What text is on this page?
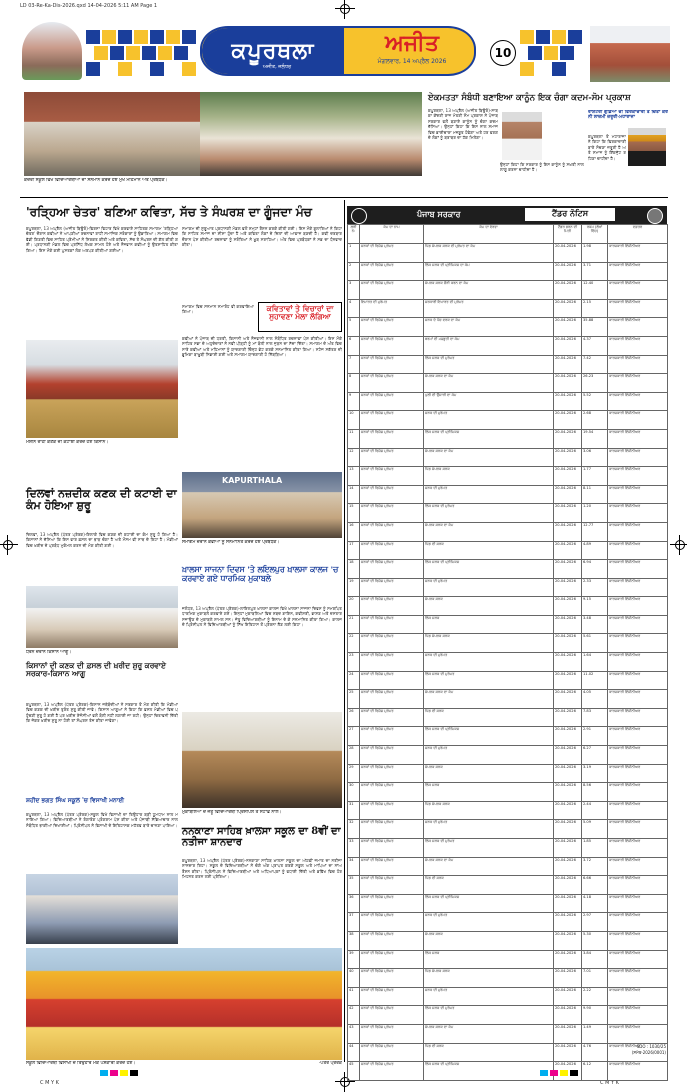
LD 03-Re-Ka-Dis-2026.qxd 14-04-2026 5:11 AM Page 1
C M Y K	C M Y K
ਕਪੂਰਥਲਾ
ਅਜੀਤ, ਜਲੰਧਰ
ਅਜੀਤ
ਮੰਗਲਵਾਰ, 14 ਅਪ੍ਰੈਲ 2026
10
ਕੇਂਦਰੀ ਸਕੂਲ ਵਿਖੇ ਵਿਦਿਆਰਥੀਆਂ ਦਾ ਸਨਮਾਨ ਕਰਦੇ ਹੋਏ ਮੁੱਖ ਮਹਿਮਾਨ ਅਤੇ ਪ੍ਰਬੰਧਕ।
ਏਕਮਤਤਾ ਸੰਬੰਧੀ ਬਣਾਇਆ ਕਾਨੂੰਨ ਇਕ ਚੰਗਾ ਕਦਮ-ਸੋਮ ਪ੍ਰਕਾਸ਼
ਕਪੂਰਥਲਾ, 13 ਅਪ੍ਰੈਲ (ਅਜੀਤ ਬਿਊਰੋ)-ਸਾਬਕਾ ਕੇਂਦਰੀ ਰਾਜ ਮੰਤਰੀ ਸੋਮ ਪ੍ਰਕਾਸ਼ ਨੇ ਪੰਜਾਬ ਸਰਕਾਰ ਵਲੋਂ ਬਣਾਏ ਕਾਨੂੰਨ ਨੂੰ ਚੰਗਾ ਕਦਮ ਦੱਸਿਆ। ਉਨ੍ਹਾਂ ਕਿਹਾ ਕਿ ਇਸ ਨਾਲ ਸਮਾਜ ਵਿਚ ਭਾਈਚਾਰਾ ਮਜ਼ਬੂਤ ਹੋਵੇਗਾ ਅਤੇ ਹਰ ਵਰਗ ਦੇ ਲੋਕਾਂ ਨੂੰ ਬਰਾਬਰ ਦਾ ਹੱਕ ਮਿਲੇਗਾ।
ਉਨ੍ਹਾਂ ਕਿਹਾ ਕਿ ਸਰਕਾਰ ਨੂੰ ਇਸ ਕਾਨੂੰਨ ਨੂੰ ਸਖ਼ਤੀ ਨਾਲ ਲਾਗੂ ਕਰਨਾ ਚਾਹੀਦਾ ਹੈ।
ਰਾਸ਼ਟਰੀ ਗੁੰਡਿਆਂ ਦੀ ਫਿਰਕਾਦਾਰੀ ਤੇ ਚਿੰਤਾ ਕਰਨੀ ਲਾਜ਼ਮੀ ਜ਼ਰੂਰੀ-ਮਹਾਰਾਜਾ
ਕਪੂਰਥਲਾ ਤੋਂ ਮਹਾਰਾਜਾ ਨੇ ਕਿਹਾ ਕਿ ਫਿਰਕਾਦਾਰੀ ਬਾਰੇ ਸੋਚਣਾ ਜ਼ਰੂਰੀ ਹੈ ਅਤੇ ਸਮਾਜ ਨੂੰ ਇੱਕਜੁੱਟ ਰਹਿਣਾ ਚਾਹੀਦਾ ਹੈ।
'ਰੜ੍ਹਿਆ ਚੇਤਰ' ਬਣਿਆ ਕਵਿਤਾ, ਸੱਚ ਤੇ ਸੰਘਰਸ਼ ਦਾ ਗੂੰਜਦਾ ਮੰਚ
ਕਪੂਰਥਲਾ, 13 ਅਪ੍ਰੈਲ (ਅਜੀਤ ਬਿਊਰੋ)-ਵਿਰਸਾ ਵਿਹਾਰ ਵਿਖੇ ਕਰਵਾਏ ਸਾਹਿਤਕ ਸਮਾਗਮ 'ਰੜ੍ਹਿਆ ਚੇਤਰ' ਦੌਰਾਨ ਕਵੀਆਂ ਨੇ ਆਪਣੀਆਂ ਰਚਨਾਵਾਂ ਰਾਹੀਂ ਸਮਾਜਿਕ ਸਰੋਕਾਰਾਂ ਨੂੰ ਉਭਾਰਿਆ। ਸਮਾਗਮ ਵਿਚ ਵੱਡੀ ਗਿਣਤੀ ਵਿਚ ਸਾਹਿਤ ਪ੍ਰੇਮੀਆਂ ਨੇ ਸ਼ਿਰਕਤ ਕੀਤੀ ਅਤੇ ਕਵਿਤਾ, ਸੱਚ ਤੇ ਸੰਘਰਸ਼ ਦੀ ਗੱਲ ਕੀਤੀ ਗਈ। ਪ੍ਰਧਾਨਗੀ ਮੰਡਲ ਵਿਚ ਪ੍ਰਸਿੱਧ ਲੇਖਕ ਸ਼ਾਮਲ ਹੋਏ ਅਤੇ ਨੌਜਵਾਨ ਕਵੀਆਂ ਨੂੰ ਉਤਸ਼ਾਹਿਤ ਕੀਤਾ ਗਿਆ। ਇਸ ਮੌਕੇ ਕਈ ਪੁਸਤਕਾਂ ਲੋਕ ਅਰਪਣ ਕੀਤੀਆਂ ਗਈਆਂ।
ਮਸ਼ੀਨ ਰਾਹੀਂ ਕਣਕ ਦੀ ਕਟਾਈ ਕਰਦੇ ਹੋਏ ਕਿਸਾਨ।
ਸਮਾਗਮ ਦੀ ਸ਼ੁਰੂਆਤ ਪ੍ਰਧਾਨਗੀ ਮੰਡਲ ਵਲੋਂ ਸ਼ਮ੍ਹਾਂ ਰੌਸ਼ਨ ਕਰਕੇ ਕੀਤੀ ਗਈ। ਇਸ ਮੌਕੇ ਬੁਲਾਰਿਆਂ ਨੇ ਕਿਹਾ ਕਿ ਸਾਹਿਤ ਸਮਾਜ ਦਾ ਸ਼ੀਸ਼ਾ ਹੁੰਦਾ ਹੈ ਅਤੇ ਕਵਿਤਾ ਲੋਕਾਂ ਦੇ ਦਿਲਾਂ ਦੀ ਆਵਾਜ਼ ਬਣਦੀ ਹੈ। ਕਵੀ ਦਰਬਾਰ ਦੌਰਾਨ ਪੇਸ਼ ਕੀਤੀਆਂ ਰਚਨਾਵਾਂ ਨੂੰ ਸਰੋਤਿਆਂ ਨੇ ਖ਼ੂਬ ਸਰਾਹਿਆ। ਅੰਤ ਵਿਚ ਪ੍ਰਬੰਧਕਾਂ ਨੇ ਸਭ ਦਾ ਧੰਨਵਾਦ ਕੀਤਾ।
ਕਵਿਤਾਵਾਂ ਤੇ ਵਿਚਾਰਾਂ ਦਾ ਸੁਹਾਵਣਾ ਮੇਲਾ ਲੱਗਿਆ
ਸਮਾਗਮ ਵਿਚ ਸਨਮਾਨ ਸਮਾਰੋਹ ਵੀ ਕਰਵਾਇਆ ਗਿਆ।
ਕਵੀਆਂ ਨੇ ਪੰਜਾਬ ਦੀ ਧਰਤੀ, ਕਿਸਾਨੀ ਅਤੇ ਨੌਜਵਾਨੀ ਨਾਲ ਸੰਬੰਧਿਤ ਰਚਨਾਵਾਂ ਪੇਸ਼ ਕੀਤੀਆਂ। ਇਸ ਮੌਕੇ ਸਾਹਿਤ ਸਭਾ ਦੇ ਅਹੁਦੇਦਾਰਾਂ ਨੇ ਨਵੀਂ ਪੀੜ੍ਹੀ ਨੂੰ ਮਾਂ ਬੋਲੀ ਨਾਲ ਜੁੜਨ ਦਾ ਸੱਦਾ ਦਿੱਤਾ। ਸਮਾਗਮ ਦੇ ਅੰਤ ਵਿਚ ਸਾਰੇ ਕਵੀਆਂ ਅਤੇ ਮਹਿਮਾਨਾਂ ਨੂੰ ਯਾਦਗਾਰੀ ਚਿੰਨ੍ਹ ਭੇਟ ਕਰਕੇ ਸਨਮਾਨਿਤ ਕੀਤਾ ਗਿਆ। ਸਟੇਜ ਸਕੱਤਰ ਦੀ ਭੂਮਿਕਾ ਬਾਖ਼ੂਬੀ ਨਿਭਾਈ ਗਈ ਅਤੇ ਸਮਾਗਮ ਯਾਦਗਾਰੀ ਹੋ ਨਿੱਬੜਿਆ।
KAPURTHALA
ਸਮਾਗਮ ਦੌਰਾਨ ਕਵੀਆਂ ਨੂੰ ਸਨਮਾਨਿਤ ਕਰਦੇ ਹੋਏ ਪ੍ਰਬੰਧਕ।
ਦਿਲਵਾਂ ਨਜ਼ਦੀਕ ਕਣਕ ਦੀ ਕਟਾਈ ਦਾ ਕੰਮ ਹੋਇਆ ਸ਼ੁਰੂ
ਦਿਲਵਾਂ, 13 ਅਪ੍ਰੈਲ (ਪੱਤਰ ਪ੍ਰੇਰਕ)-ਇਲਾਕੇ ਵਿਚ ਕਣਕ ਦੀ ਕਟਾਈ ਦਾ ਕੰਮ ਸ਼ੁਰੂ ਹੋ ਗਿਆ ਹੈ। ਕਿਸਾਨਾਂ ਨੇ ਦੱਸਿਆ ਕਿ ਇਸ ਵਾਰ ਫ਼ਸਲ ਦਾ ਝਾੜ ਚੰਗਾ ਹੈ ਅਤੇ ਮੌਸਮ ਵੀ ਸਾਥ ਦੇ ਰਿਹਾ ਹੈ। ਮੰਡੀਆਂ ਵਿਚ ਖ਼ਰੀਦ ਦੇ ਪ੍ਰਬੰਧ ਮੁਕੰਮਲ ਕਰਨ ਦੀ ਮੰਗ ਕੀਤੀ ਗਈ।
ਧਰਨੇ ਦੌਰਾਨ ਕਿਸਾਨ ਆਗੂ।
ਕਿਸਾਨਾਂ ਦੀ ਕਣਕ ਦੀ ਫ਼ਸਲ ਦੀ ਖ਼ਰੀਦ ਸ਼ੁਰੂ ਕਰਵਾਏ ਸਰਕਾਰ-ਕਿਸਾਨ ਆਗੂ
ਕਪੂਰਥਲਾ, 13 ਅਪ੍ਰੈਲ (ਪੱਤਰ ਪ੍ਰੇਰਕ)-ਕਿਸਾਨ ਜਥੇਬੰਦੀਆਂ ਨੇ ਸਰਕਾਰ ਤੋਂ ਮੰਗ ਕੀਤੀ ਕਿ ਮੰਡੀਆਂ ਵਿਚ ਕਣਕ ਦੀ ਖ਼ਰੀਦ ਤੁਰੰਤ ਸ਼ੁਰੂ ਕੀਤੀ ਜਾਵੇ। ਕਿਸਾਨ ਆਗੂਆਂ ਨੇ ਕਿਹਾ ਕਿ ਫ਼ਸਲ ਮੰਡੀਆਂ ਵਿਚ ਪਹੁੰਚਣੀ ਸ਼ੁਰੂ ਹੋ ਗਈ ਹੈ ਪਰ ਖ਼ਰੀਦ ਏਜੰਸੀਆਂ ਵਲੋਂ ਬੋਲੀ ਨਹੀਂ ਲਗਾਈ ਜਾ ਰਹੀ। ਉਨ੍ਹਾਂ ਚਿਤਾਵਨੀ ਦਿੱਤੀ ਕਿ ਜੇਕਰ ਖ਼ਰੀਦ ਸ਼ੁਰੂ ਨਾ ਹੋਈ ਤਾਂ ਸੰਘਰਸ਼ ਤੇਜ਼ ਕੀਤਾ ਜਾਵੇਗਾ।
ਸ਼ਹੀਦ ਭਗਤ ਸਿੰਘ ਸਕੂਲ 'ਚ ਵਿਸਾਖੀ ਮਨਾਈ
ਕਪੂਰਥਲਾ, 13 ਅਪ੍ਰੈਲ (ਪੱਤਰ ਪ੍ਰੇਰਕ)-ਸਕੂਲ ਵਿਖੇ ਵਿਸਾਖੀ ਦਾ ਤਿਉਹਾਰ ਬੜੀ ਧੂਮਧਾਮ ਨਾਲ ਮਨਾਇਆ ਗਿਆ। ਵਿਦਿਆਰਥੀਆਂ ਨੇ ਰੰਗਾਰੰਗ ਪ੍ਰੋਗਰਾਮ ਪੇਸ਼ ਕੀਤਾ ਅਤੇ ਪੰਜਾਬੀ ਸੱਭਿਆਚਾਰ ਨਾਲ ਸੰਬੰਧਿਤ ਝਾਕੀਆਂ ਦਿਖਾਈਆਂ। ਪ੍ਰਿੰਸੀਪਲ ਨੇ ਵਿਸਾਖੀ ਦੇ ਇਤਿਹਾਸਕ ਮਹੱਤਵ ਬਾਰੇ ਚਾਨਣਾ ਪਾਇਆ।
ਖ਼ਾਲਸਾ ਸਾਜਨਾ ਦਿਵਸ 'ਤੇ ਲਇਲਪੁਰ ਖ਼ਾਲਸਾ ਕਾਲਜ 'ਚ ਕਰਵਾਏ ਗਏ ਧਾਰਮਿਕ ਮੁਕਾਬਲੇ
ਜਲੰਧਰ, 13 ਅਪ੍ਰੈਲ (ਪੱਤਰ ਪ੍ਰੇਰਕ)-ਲਾਇਲਪੁਰ ਖ਼ਾਲਸਾ ਕਾਲਜ ਵਿਖੇ ਖ਼ਾਲਸਾ ਸਾਜਨਾ ਦਿਵਸ ਨੂੰ ਸਮਰਪਿਤ ਧਾਰਮਿਕ ਮੁਕਾਬਲੇ ਕਰਵਾਏ ਗਏ। ਇਨ੍ਹਾਂ ਮੁਕਾਬਲਿਆਂ ਵਿਚ ਸ਼ਬਦ ਗਾਇਨ, ਕਵੀਸ਼ਰੀ, ਭਾਸ਼ਣ ਅਤੇ ਦਸਤਾਰ ਸਜਾਉਣ ਦੇ ਮੁਕਾਬਲੇ ਸ਼ਾਮਲ ਸਨ। ਜੇਤੂ ਵਿਦਿਆਰਥੀਆਂ ਨੂੰ ਇਨਾਮ ਦੇ ਕੇ ਸਨਮਾਨਿਤ ਕੀਤਾ ਗਿਆ। ਕਾਲਜ ਦੇ ਪ੍ਰਿੰਸੀਪਲ ਨੇ ਵਿਦਿਆਰਥੀਆਂ ਨੂੰ ਸਿੱਖ ਇਤਿਹਾਸ ਤੋਂ ਪ੍ਰੇਰਨਾ ਲੈਣ ਲਈ ਕਿਹਾ।
ਮੁਕਾਬਲਿਆਂ ਦੇ ਜੇਤੂ ਵਿਦਿਆਰਥੀ ਪ੍ਰਿੰਸੀਪਲ ਤੇ ਸਟਾਫ਼ ਨਾਲ।
ਨਨਕਾਣਾ ਸਾਹਿਬ ਖ਼ਾਲਸਾ ਸਕੂਲ ਦਾ 8ਵੀਂ ਦਾ ਨਤੀਜਾ ਸ਼ਾਨਦਾਰ
ਕਪੂਰਥਲਾ, 13 ਅਪ੍ਰੈਲ (ਪੱਤਰ ਪ੍ਰੇਰਕ)-ਨਨਕਾਣਾ ਸਾਹਿਬ ਖ਼ਾਲਸਾ ਸਕੂਲ ਦਾ ਅੱਠਵੀਂ ਜਮਾਤ ਦਾ ਨਤੀਜਾ ਸ਼ਾਨਦਾਰ ਰਿਹਾ। ਸਕੂਲ ਦੇ ਵਿਦਿਆਰਥੀਆਂ ਨੇ ਚੰਗੇ ਅੰਕ ਪ੍ਰਾਪਤ ਕਰਕੇ ਸਕੂਲ ਅਤੇ ਮਾਪਿਆਂ ਦਾ ਨਾਂਅ ਰੌਸ਼ਨ ਕੀਤਾ। ਪ੍ਰਿੰਸੀਪਲ ਨੇ ਵਿਦਿਆਰਥੀਆਂ ਅਤੇ ਅਧਿਆਪਕਾਂ ਨੂੰ ਵਧਾਈ ਦਿੱਤੀ ਅਤੇ ਭਵਿੱਖ ਵਿਚ ਹੋਰ ਮਿਹਨਤ ਕਰਨ ਲਈ ਪ੍ਰੇਰਿਆ।
ਸਕੂਲ ਵਿਦਿਆਰਥੀ ਵਿਸਾਖੀ ਦੇ ਤਿਉਹਾਰ ਮੌਕੇ ਪੇਸ਼ਕਾਰੀ ਕਰਦੇ ਹੋਏ।	-ਪੱਤਰ ਪ੍ਰੇਰਕ
ਪੰਜਾਬ ਸਰਕਾਰ	ਟੈਂਡਰ ਨੋਟਿਸ
ਲੜੀ ਨੰ:	ਕੰਮ ਦਾ ਨਾਮ	ਕੰਮ ਦਾ ਵੇਰਵਾ	ਟੈਂਡਰ ਭਰਨ ਦੀ ਮਿਤੀ	ਰਕਮ (ਲੱਖਾਂ ਵਿੱਚ)	ਦਫ਼ਤਰ
1	ਸੜਕਾਂ ਦੀ ਵਿਸ਼ੇਸ਼ ਮੁਰੰਮਤ	ਪਿੰਡ ਸੰਪਰਕ ਸੜਕ ਦੀ ਮੁਰੰਮਤ ਦਾ ਕੰਮ	20-04-2026	1.98	ਕਾਰਜਕਾਰੀ ਇੰਜੀਨੀਅਰ
2	ਸੜਕਾਂ ਦੀ ਵਿਸ਼ੇਸ਼ ਮੁਰੰਮਤ	ਲਿੰਕ ਸੜਕ ਦੀ ਪ੍ਰੀਮਿਕਸ ਦਾ ਕੰਮ	20-04-2026	3.71	ਕਾਰਜਕਾਰੀ ਇੰਜੀਨੀਅਰ
3	ਸੜਕਾਂ ਦੀ ਵਿਸ਼ੇਸ਼ ਮੁਰੰਮਤ	ਸੰਪਰਕ ਸੜਕ ਚੌੜੀ ਕਰਨ ਦਾ ਕੰਮ	20-04-2026	12.40	ਕਾਰਜਕਾਰੀ ਇੰਜੀਨੀਅਰ
4	ਇਮਾਰਤ ਦੀ ਮੁਰੰਮਤ	ਸਰਕਾਰੀ ਇਮਾਰਤ ਦੀ ਮੁਰੰਮਤ	20-04-2026	2.15	ਕਾਰਜਕਾਰੀ ਇੰਜੀਨੀਅਰ
5	ਸੜਕਾਂ ਦੀ ਵਿਸ਼ੇਸ਼ ਮੁਰੰਮਤ	ਸੜਕ ਦੇ ਪੈਚ ਵਰਕ ਦਾ ਕੰਮ	20-04-2026	35.88	ਕਾਰਜਕਾਰੀ ਇੰਜੀਨੀਅਰ
6	ਸੜਕਾਂ ਦੀ ਵਿਸ਼ੇਸ਼ ਮੁਰੰਮਤ	ਬਰਮਾਂ ਦੀ ਮਜ਼ਬੂਤੀ ਦਾ ਕੰਮ	20-04-2026	4.37	ਕਾਰਜਕਾਰੀ ਇੰਜੀਨੀਅਰ
7	ਸੜਕਾਂ ਦੀ ਵਿਸ਼ੇਸ਼ ਮੁਰੰਮਤ	ਲਿੰਕ ਸੜਕ ਦੀ ਮੁਰੰਮਤ	20-04-2026	7.42	ਕਾਰਜਕਾਰੀ ਇੰਜੀਨੀਅਰ
8	ਸੜਕਾਂ ਦੀ ਵਿਸ਼ੇਸ਼ ਮੁਰੰਮਤ	ਸੰਪਰਕ ਸੜਕ ਦਾ ਕੰਮ	20-04-2026	26.23	ਕਾਰਜਕਾਰੀ ਇੰਜੀਨੀਅਰ
9	ਸੜਕਾਂ ਦੀ ਵਿਸ਼ੇਸ਼ ਮੁਰੰਮਤ	ਪੁਲੀ ਦੀ ਉਸਾਰੀ ਦਾ ਕੰਮ	20-04-2026	5.52	ਕਾਰਜਕਾਰੀ ਇੰਜੀਨੀਅਰ
10	ਸੜਕਾਂ ਦੀ ਵਿਸ਼ੇਸ਼ ਮੁਰੰਮਤ	ਸੜਕ ਦੀ ਮੁਰੰਮਤ	20-04-2026	2.68	ਕਾਰਜਕਾਰੀ ਇੰਜੀਨੀਅਰ
11	ਸੜਕਾਂ ਦੀ ਵਿਸ਼ੇਸ਼ ਮੁਰੰਮਤ	ਲਿੰਕ ਸੜਕ ਦੀ ਪ੍ਰੀਮਿਕਸ	20-04-2026	19.54	ਕਾਰਜਕਾਰੀ ਇੰਜੀਨੀਅਰ
12	ਸੜਕਾਂ ਦੀ ਵਿਸ਼ੇਸ਼ ਮੁਰੰਮਤ	ਸੰਪਰਕ ਸੜਕ ਦਾ ਕੰਮ	20-04-2026	3.06	ਕਾਰਜਕਾਰੀ ਇੰਜੀਨੀਅਰ
13	ਸੜਕਾਂ ਦੀ ਵਿਸ਼ੇਸ਼ ਮੁਰੰਮਤ	ਪਿੰਡ ਸੰਪਰਕ ਸੜਕ	20-04-2026	1.77	ਕਾਰਜਕਾਰੀ ਇੰਜੀਨੀਅਰ
14	ਸੜਕਾਂ ਦੀ ਵਿਸ਼ੇਸ਼ ਮੁਰੰਮਤ	ਸੜਕ ਦੀ ਮੁਰੰਮਤ	20-04-2026	8.11	ਕਾਰਜਕਾਰੀ ਇੰਜੀਨੀਅਰ
15	ਸੜਕਾਂ ਦੀ ਵਿਸ਼ੇਸ਼ ਮੁਰੰਮਤ	ਲਿੰਕ ਸੜਕ ਦੀ ਮੁਰੰਮਤ	20-04-2026	1.20	ਕਾਰਜਕਾਰੀ ਇੰਜੀਨੀਅਰ
16	ਸੜਕਾਂ ਦੀ ਵਿਸ਼ੇਸ਼ ਮੁਰੰਮਤ	ਸੰਪਰਕ ਸੜਕ ਦਾ ਕੰਮ	20-04-2026	12.77	ਕਾਰਜਕਾਰੀ ਇੰਜੀਨੀਅਰ
17	ਸੜਕਾਂ ਦੀ ਵਿਸ਼ੇਸ਼ ਮੁਰੰਮਤ	ਪਿੰਡ ਦੀ ਸੜਕ	20-04-2026	4.89	ਕਾਰਜਕਾਰੀ ਇੰਜੀਨੀਅਰ
18	ਸੜਕਾਂ ਦੀ ਵਿਸ਼ੇਸ਼ ਮੁਰੰਮਤ	ਲਿੰਕ ਸੜਕ ਦੀ ਪ੍ਰੀਮਿਕਸ	20-04-2026	6.94	ਕਾਰਜਕਾਰੀ ਇੰਜੀਨੀਅਰ
19	ਸੜਕਾਂ ਦੀ ਵਿਸ਼ੇਸ਼ ਮੁਰੰਮਤ	ਸੜਕ ਦੀ ਮੁਰੰਮਤ	20-04-2026	2.33	ਕਾਰਜਕਾਰੀ ਇੰਜੀਨੀਅਰ
20	ਸੜਕਾਂ ਦੀ ਵਿਸ਼ੇਸ਼ ਮੁਰੰਮਤ	ਸੰਪਰਕ ਸੜਕ	20-04-2026	9.15	ਕਾਰਜਕਾਰੀ ਇੰਜੀਨੀਅਰ
21	ਸੜਕਾਂ ਦੀ ਵਿਸ਼ੇਸ਼ ਮੁਰੰਮਤ	ਲਿੰਕ ਸੜਕ	20-04-2026	3.48	ਕਾਰਜਕਾਰੀ ਇੰਜੀਨੀਅਰ
22	ਸੜਕਾਂ ਦੀ ਵਿਸ਼ੇਸ਼ ਮੁਰੰਮਤ	ਪਿੰਡ ਸੰਪਰਕ ਸੜਕ	20-04-2026	5.61	ਕਾਰਜਕਾਰੀ ਇੰਜੀਨੀਅਰ
23	ਸੜਕਾਂ ਦੀ ਵਿਸ਼ੇਸ਼ ਮੁਰੰਮਤ	ਸੜਕ ਦੀ ਮੁਰੰਮਤ	20-04-2026	1.64	ਕਾਰਜਕਾਰੀ ਇੰਜੀਨੀਅਰ
24	ਸੜਕਾਂ ਦੀ ਵਿਸ਼ੇਸ਼ ਮੁਰੰਮਤ	ਲਿੰਕ ਸੜਕ ਦੀ ਮੁਰੰਮਤ	20-04-2026	11.02	ਕਾਰਜਕਾਰੀ ਇੰਜੀਨੀਅਰ
25	ਸੜਕਾਂ ਦੀ ਵਿਸ਼ੇਸ਼ ਮੁਰੰਮਤ	ਸੰਪਰਕ ਸੜਕ ਦਾ ਕੰਮ	20-04-2026	4.05	ਕਾਰਜਕਾਰੀ ਇੰਜੀਨੀਅਰ
26	ਸੜਕਾਂ ਦੀ ਵਿਸ਼ੇਸ਼ ਮੁਰੰਮਤ	ਪਿੰਡ ਦੀ ਸੜਕ	20-04-2026	7.83	ਕਾਰਜਕਾਰੀ ਇੰਜੀਨੀਅਰ
27	ਸੜਕਾਂ ਦੀ ਵਿਸ਼ੇਸ਼ ਮੁਰੰਮਤ	ਲਿੰਕ ਸੜਕ ਦੀ ਪ੍ਰੀਮਿਕਸ	20-04-2026	2.91	ਕਾਰਜਕਾਰੀ ਇੰਜੀਨੀਅਰ
28	ਸੜਕਾਂ ਦੀ ਵਿਸ਼ੇਸ਼ ਮੁਰੰਮਤ	ਸੜਕ ਦੀ ਮੁਰੰਮਤ	20-04-2026	6.27	ਕਾਰਜਕਾਰੀ ਇੰਜੀਨੀਅਰ
29	ਸੜਕਾਂ ਦੀ ਵਿਸ਼ੇਸ਼ ਮੁਰੰਮਤ	ਸੰਪਰਕ ਸੜਕ	20-04-2026	3.19	ਕਾਰਜਕਾਰੀ ਇੰਜੀਨੀਅਰ
30	ਸੜਕਾਂ ਦੀ ਵਿਸ਼ੇਸ਼ ਮੁਰੰਮਤ	ਲਿੰਕ ਸੜਕ	20-04-2026	8.56	ਕਾਰਜਕਾਰੀ ਇੰਜੀਨੀਅਰ
31	ਸੜਕਾਂ ਦੀ ਵਿਸ਼ੇਸ਼ ਮੁਰੰਮਤ	ਪਿੰਡ ਸੰਪਰਕ ਸੜਕ	20-04-2026	2.44	ਕਾਰਜਕਾਰੀ ਇੰਜੀਨੀਅਰ
32	ਸੜਕਾਂ ਦੀ ਵਿਸ਼ੇਸ਼ ਮੁਰੰਮਤ	ਸੜਕ ਦੀ ਮੁਰੰਮਤ	20-04-2026	5.09	ਕਾਰਜਕਾਰੀ ਇੰਜੀਨੀਅਰ
33	ਸੜਕਾਂ ਦੀ ਵਿਸ਼ੇਸ਼ ਮੁਰੰਮਤ	ਲਿੰਕ ਸੜਕ ਦੀ ਮੁਰੰਮਤ	20-04-2026	1.85	ਕਾਰਜਕਾਰੀ ਇੰਜੀਨੀਅਰ
34	ਸੜਕਾਂ ਦੀ ਵਿਸ਼ੇਸ਼ ਮੁਰੰਮਤ	ਸੰਪਰਕ ਸੜਕ ਦਾ ਕੰਮ	20-04-2026	3.72	ਕਾਰਜਕਾਰੀ ਇੰਜੀਨੀਅਰ
35	ਸੜਕਾਂ ਦੀ ਵਿਸ਼ੇਸ਼ ਮੁਰੰਮਤ	ਪਿੰਡ ਦੀ ਸੜਕ	20-04-2026	6.66	ਕਾਰਜਕਾਰੀ ਇੰਜੀਨੀਅਰ
36	ਸੜਕਾਂ ਦੀ ਵਿਸ਼ੇਸ਼ ਮੁਰੰਮਤ	ਲਿੰਕ ਸੜਕ ਦੀ ਪ੍ਰੀਮਿਕਸ	20-04-2026	4.18	ਕਾਰਜਕਾਰੀ ਇੰਜੀਨੀਅਰ
37	ਸੜਕਾਂ ਦੀ ਵਿਸ਼ੇਸ਼ ਮੁਰੰਮਤ	ਸੜਕ ਦੀ ਮੁਰੰਮਤ	20-04-2026	2.97	ਕਾਰਜਕਾਰੀ ਇੰਜੀਨੀਅਰ
38	ਸੜਕਾਂ ਦੀ ਵਿਸ਼ੇਸ਼ ਮੁਰੰਮਤ	ਸੰਪਰਕ ਸੜਕ	20-04-2026	5.30	ਕਾਰਜਕਾਰੀ ਇੰਜੀਨੀਅਰ
39	ਸੜਕਾਂ ਦੀ ਵਿਸ਼ੇਸ਼ ਮੁਰੰਮਤ	ਲਿੰਕ ਸੜਕ	20-04-2026	3.84	ਕਾਰਜਕਾਰੀ ਇੰਜੀਨੀਅਰ
40	ਸੜਕਾਂ ਦੀ ਵਿਸ਼ੇਸ਼ ਮੁਰੰਮਤ	ਪਿੰਡ ਸੰਪਰਕ ਸੜਕ	20-04-2026	7.01	ਕਾਰਜਕਾਰੀ ਇੰਜੀਨੀਅਰ
41	ਸੜਕਾਂ ਦੀ ਵਿਸ਼ੇਸ਼ ਮੁਰੰਮਤ	ਸੜਕ ਦੀ ਮੁਰੰਮਤ	20-04-2026	2.22	ਕਾਰਜਕਾਰੀ ਇੰਜੀਨੀਅਰ
42	ਸੜਕਾਂ ਦੀ ਵਿਸ਼ੇਸ਼ ਮੁਰੰਮਤ	ਲਿੰਕ ਸੜਕ ਦੀ ਮੁਰੰਮਤ	20-04-2026	9.90	ਕਾਰਜਕਾਰੀ ਇੰਜੀਨੀਅਰ
43	ਸੜਕਾਂ ਦੀ ਵਿਸ਼ੇਸ਼ ਮੁਰੰਮਤ	ਸੰਪਰਕ ਸੜਕ ਦਾ ਕੰਮ	20-04-2026	1.49	ਕਾਰਜਕਾਰੀ ਇੰਜੀਨੀਅਰ
44	ਸੜਕਾਂ ਦੀ ਵਿਸ਼ੇਸ਼ ਮੁਰੰਮਤ	ਪਿੰਡ ਦੀ ਸੜਕ	20-04-2026	4.76	ਕਾਰਜਕਾਰੀ ਇੰਜੀਨੀਅਰ
45	ਸੜਕਾਂ ਦੀ ਵਿਸ਼ੇਸ਼ ਮੁਰੰਮਤ	ਲਿੰਕ ਸੜਕ ਦੀ ਪ੍ਰੀਮਿਕਸ	20-04-2026	6.12	ਕਾਰਜਕਾਰੀ ਇੰਜੀਨੀਅਰ
SDO : 1030/25
(ਸਮੇਤ-2026/0001)
